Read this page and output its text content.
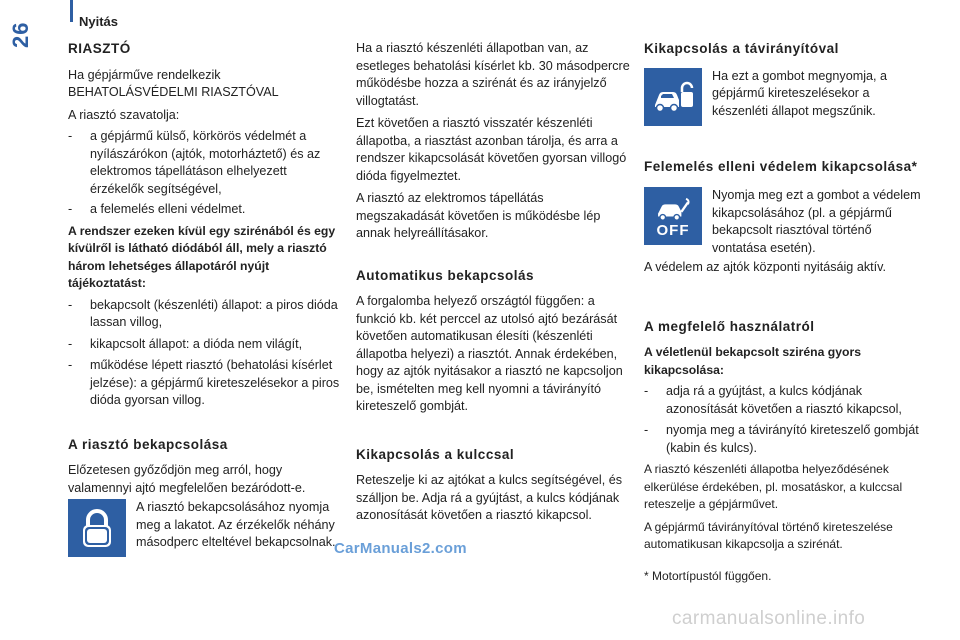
26
Nyitás
RIASZTÓ

Ha gépjárműve rendelkezik BEHATOLÁSVÉDELMI RIASZTÓVAL

A riasztó szavatolja:

- a gépjármű külső, körkörös védelmét a nyílászárókon (ajtók, motorháztető) és az elektromos tápellátáson elhelyezett érzékelők segítségével,
- a felemelés elleni védelmet.

A rendszer ezeken kívül egy szirénából és egy kívülről is látható diódából áll, mely a riasztó három lehetséges állapotáról nyújt tájékoztatást:

- bekapcsolt (készenléti) állapot: a piros dióda lassan villog,
- kikapcsolt állapot: a dióda nem világít,
- működése lépett riasztó (behatolási kísérlet jelzése): a gépjármű kireteszelésekor a piros dióda gyorsan villog.
A riasztó bekapcsolása

Előzetesen győződjön meg arról, hogy valamennyi ajtó megfelelően bezáródott-e.

A riasztó bekapcsolásához nyomja meg a lakatot. Az érzékelők néhány másodperc elteltével bekapcsolnak.

Ha a riasztó készenléti állapotban van, az esetleges behatolási kísérlet kb. 30 másodpercre működésbe hozza a szirénát és az irányjelző villogtatást.

Ezt követően a riasztó visszatér készenléti állapotba, a riasztást azonban tárolja, és arra a rendszer kikapcsolását követően gyorsan villogó dióda figyelmeztet.

A riasztó az elektromos tápellátás megszakadását követően is működésbe lép annak helyreállításakor.

Automatikus bekapcsolás

A forgalomba helyező országtól függően: a funkció kb. két perccel az utolsó ajtó bezárását követően automatikusan élesíti (készenléti állapotba helyezi) a riasztót. Annak érdekében, hogy az ajtók nyitásakor a riasztó ne kapcsoljon be, ismételten meg kell nyomni a távirányító kireteszelő gombját.

Kikapcsolás a kulccsal

Reteszelje ki az ajtókat a kulcs segítségével, és szálljon be. Adja rá a gyújtást, a kulcs kódjának azonosítását követően a riasztó kikapcsol.

Kikapcsolás a távirányítóval

Ha ezt a gombot megnyomja, a gépjármű kireteszelésekor a készenléti állapot megszűnik.

Felemelés elleni védelem kikapcsolása*
OFF

Nyomja meg ezt a gombot a védelem kikapcsolásához (pl. a gépjármű bekapcsolt riasztóval történő vontatása esetén).

A védelem az ajtók központi nyitásáig aktív.

A megfelelő használatról

A véletlenül bekapcsolt sziréna gyors kikapcsolása:

- adja rá a gyújtást, a kulcs kódjának azonosítását követően a riasztó kikapcsol,
- nyomja meg a távirányító kireteszelő gombját (kabin és kulcs).

A riasztó készenléti állapotba helyeződésének elkerülése érdekében, pl. mosatáskor, a kulccsal reteszelje a gépjárművet.

A gépjármű távirányítóval történő kireteszelése automatikusan kikapcsolja a szirénát.

* Motortípustól függően.

CarManuals2.com
carmanualsonline.info
